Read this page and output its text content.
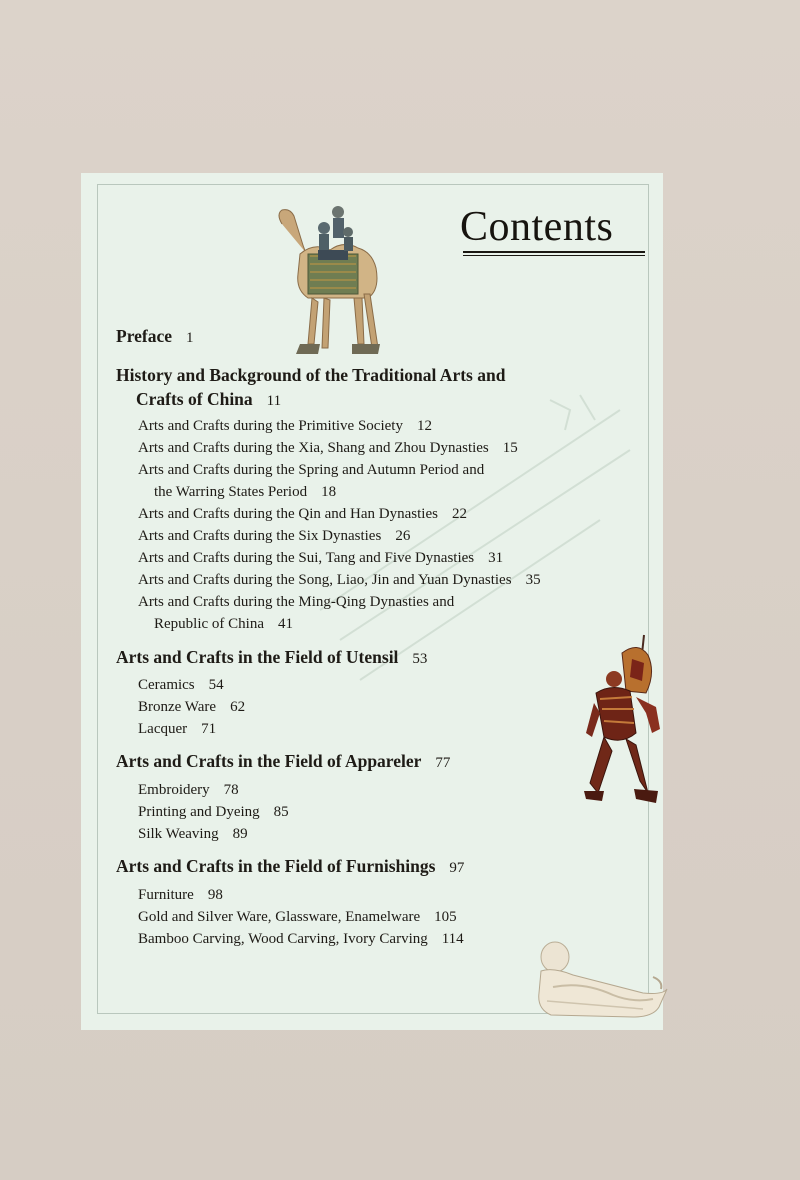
Contents
Preface 1
History and Background of the Traditional Arts and
Crafts of China 11
Arts and Crafts during the Primitive Society 12
Arts and Crafts during the Xia, Shang and Zhou Dynasties 15
Arts and Crafts during the Spring and Autumn Period and
the Warring States Period 18
Arts and Crafts during the Qin and Han Dynasties 22
Arts and Crafts during the Six Dynasties 26
Arts and Crafts during the Sui, Tang and Five Dynasties 31
Arts and Crafts during the Song, Liao, Jin and Yuan Dynasties 35
Arts and Crafts during the Ming-Qing Dynasties and
Republic of China 41
Arts and Crafts in the Field of Utensil 53
Ceramics 54
Bronze Ware 62
Lacquer 71
Arts and Crafts in the Field of Appareler 77
Embroidery 78
Printing and Dyeing 85
Silk Weaving 89
Arts and Crafts in the Field of Furnishings 97
Furniture 98
Gold and Silver Ware, Glassware, Enamelware 105
Bamboo Carving, Wood Carving, Ivory Carving 114
